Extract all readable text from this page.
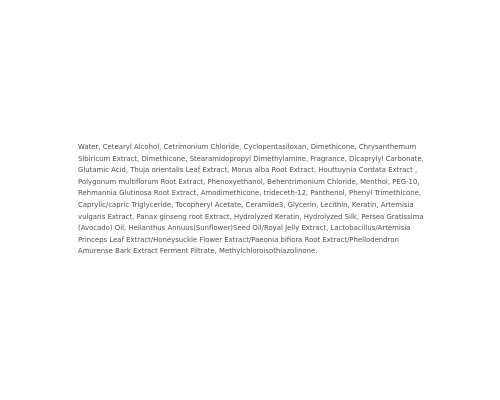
Water, Cetearyl Alcohol, Cetrimonium Chloride, Cyclopentasiloxan, Dimethicone, Chrysanthemum Sibiricum Extract, Dimethicone, Stearamidopropyl Dimethylamine, Fragrance, Dicaprylyl Carbonate, Glutamic Acid, Thuja orientalis Leaf Extract, Morus alba Root Extract, Houttuynia Cordata Extract , Polygonum multiflorum Root Extract, Phenoxyethanol, Behentrimonium Chloride, Menthol, PEG-10, Rehmannia Glutinosa Root Extract, Amodimethicone, trideceth-12, Panthenol, Phenyl Trimethicone, Caprylic/capric Triglyceride, Tocopheryl Acetate, Ceramide3, Glycerin, Lecithin, Keratin, Artemisia vulgaris Extract, Panax ginseng root Extract, Hydrolyzed Keratin, Hydrolyzed Silk, Persea Gratissima (Avocado) Oil, Helianthus Annuus(Sunflower)Seed Oil/Royal Jelly Extract, Lactobacillus/Artemisia Princeps Leaf Extract/Honeysuckle Flower Extract/Paeonia bifiora Root Extract/Phellodendron Amurense Bark Extract Ferment Filtrate, Methylchloroisothiazolinone.
